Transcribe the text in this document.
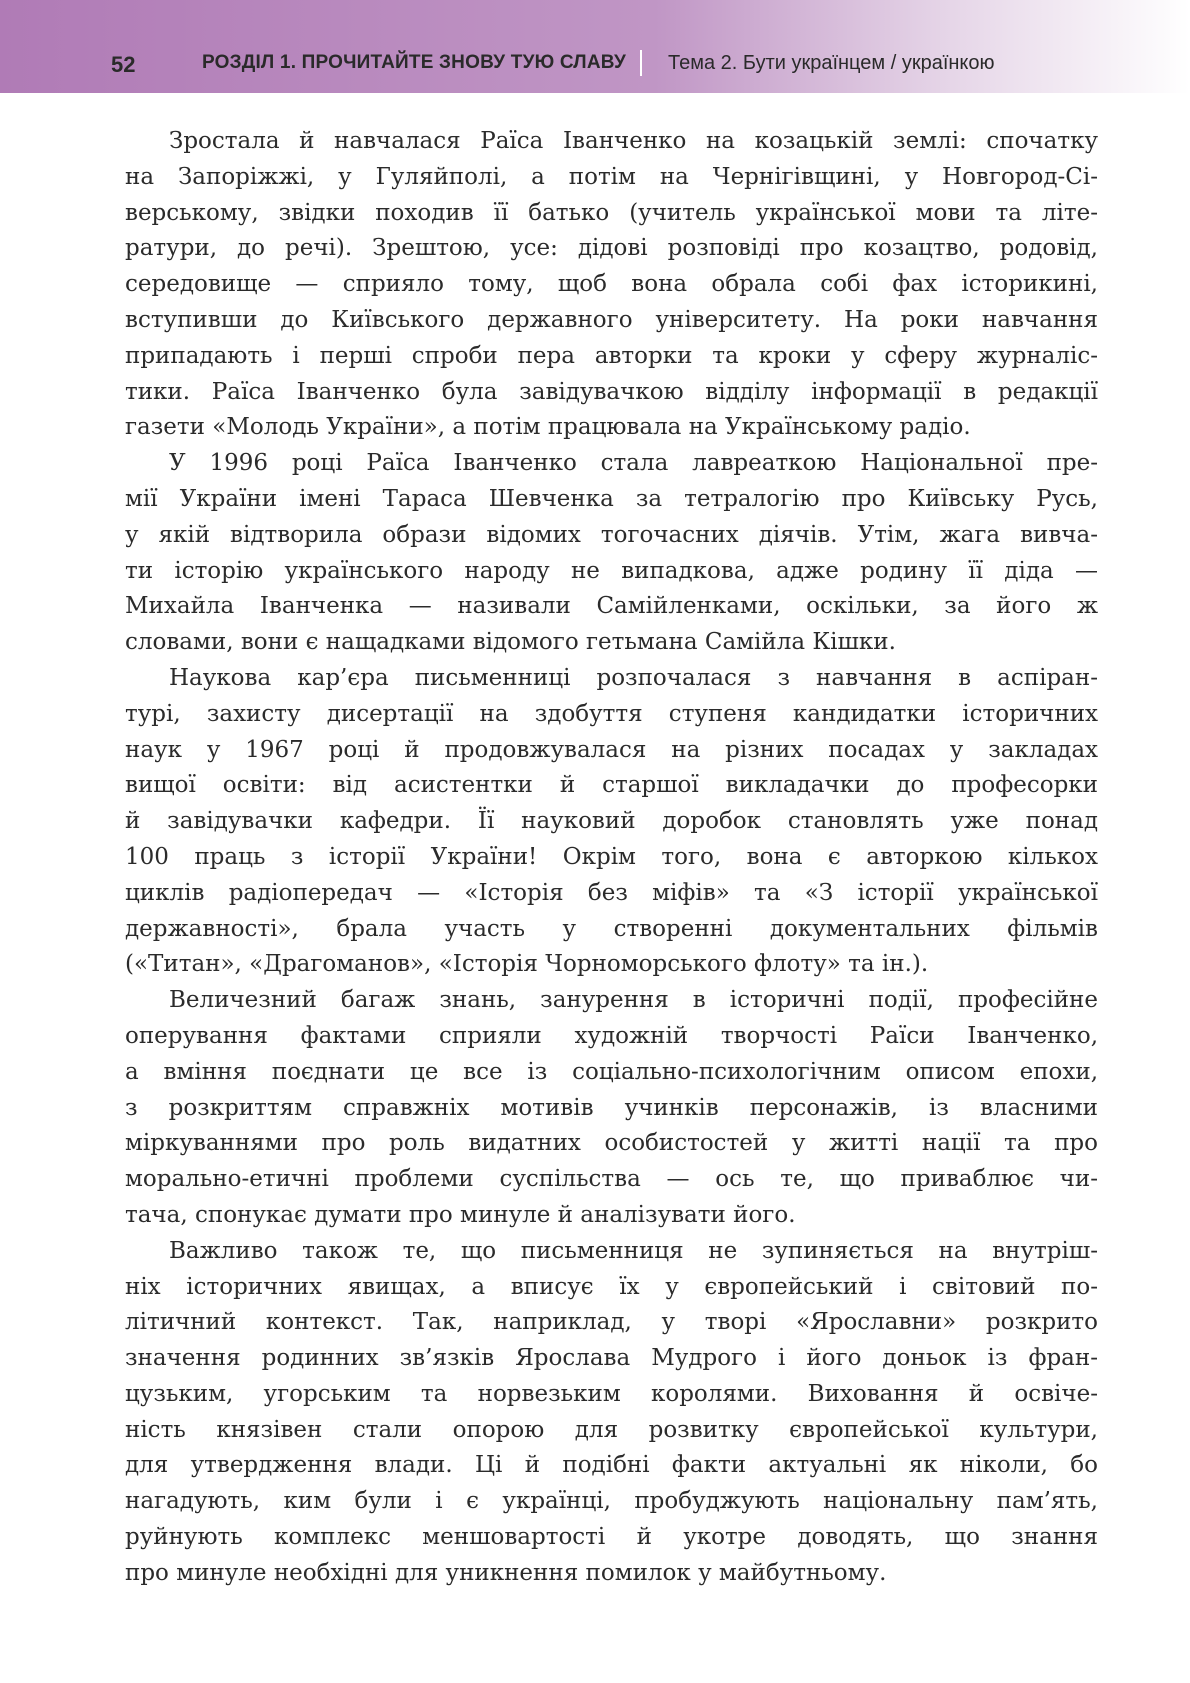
52	РОЗДІЛ 1. ПРОЧИТАЙТЕ ЗНОВУ ТУЮ СЛАВУ Тема 2. Бути українцем / українкою

Зростала й навчалася Раїса Іванченко на козацькій землі: спочатку
на Запоріжжі, у Гуляйполі, а потім на Чернігівщині, у Новгород-Сі-
верському, звідки походив її батько (учитель української мови та літе-
ратури, до речі). Зрештою, усе: дідові розповіді про козацтво, родовід,
середовище — сприяло тому, щоб вона обрала собі фах історикині,
вступивши до Київського державного університету. На роки навчання
припадають і перші спроби пера авторки та кроки у сферу журналіс-
тики. Раїса Іванченко була завідувачкою відділу інформації в редакції
газети «Молодь України», а потім працювала на Українському радіо.

У 1996 році Раїса Іванченко стала лавреаткою Національної пре-
мії України імені Тараса Шевченка за тетралогію про Київську Русь,
у якій відтворила образи відомих тогочасних діячів. Утім, жага вивча-
ти історію українського народу не випадкова, адже родину її діда —
Михайла Іванченка — називали Самійленками, оскільки, за його ж
словами, вони є нащадками відомого гетьмана Самійла Кішки.

Наукова кар’єра письменниці розпочалася з навчання в аспіран-
турі, захисту дисертації на здобуття ступеня кандидатки історичних
наук у 1967 році й продовжувалася на різних посадах у закладах
вищої освіти: від асистентки й старшої викладачки до професорки
й завідувачки кафедри. Її науковий доробок становлять уже понад
100 праць з історії України! Окрім того, вона є авторкою кількох
циклів радіопередач — «Історія без міфів» та «З історії української
державності», брала участь у створенні документальних фільмів
(«Титан», «Драгоманов», «Історія Чорноморського флоту» та ін.).

Величезний багаж знань, занурення в історичні події, професійне
оперування фактами сприяли художній творчості Раїси Іванченко,
а вміння поєднати це все із соціально-психологічним описом епохи,
з розкриттям справжніх мотивів учинків персонажів, із власними
міркуваннями про роль видатних особистостей у житті нації та про
морально-етичні проблеми суспільства — ось те, що приваблює чи-
тача, спонукає думати про минуле й аналізувати його.

Важливо також те, що письменниця не зупиняється на внутріш-
ніх історичних явищах, а вписує їх у європейський і світовий по-
літичний контекст. Так, наприклад, у творі «Ярославни» розкрито
значення родинних зв’язків Ярослава Мудрого і його доньок із фран-
цузьким, угорським та норвезьким королями. Виховання й освіче-
ність князівен стали опорою для розвитку європейської культури,
для утвердження влади. Ці й подібні факти актуальні як ніколи, бо
нагадують, ким були і є українці, пробуджують національну пам’ять,
руйнують комплекс меншовартості й укотре доводять, що знання
про минуле необхідні для уникнення помилок у майбутньому.
